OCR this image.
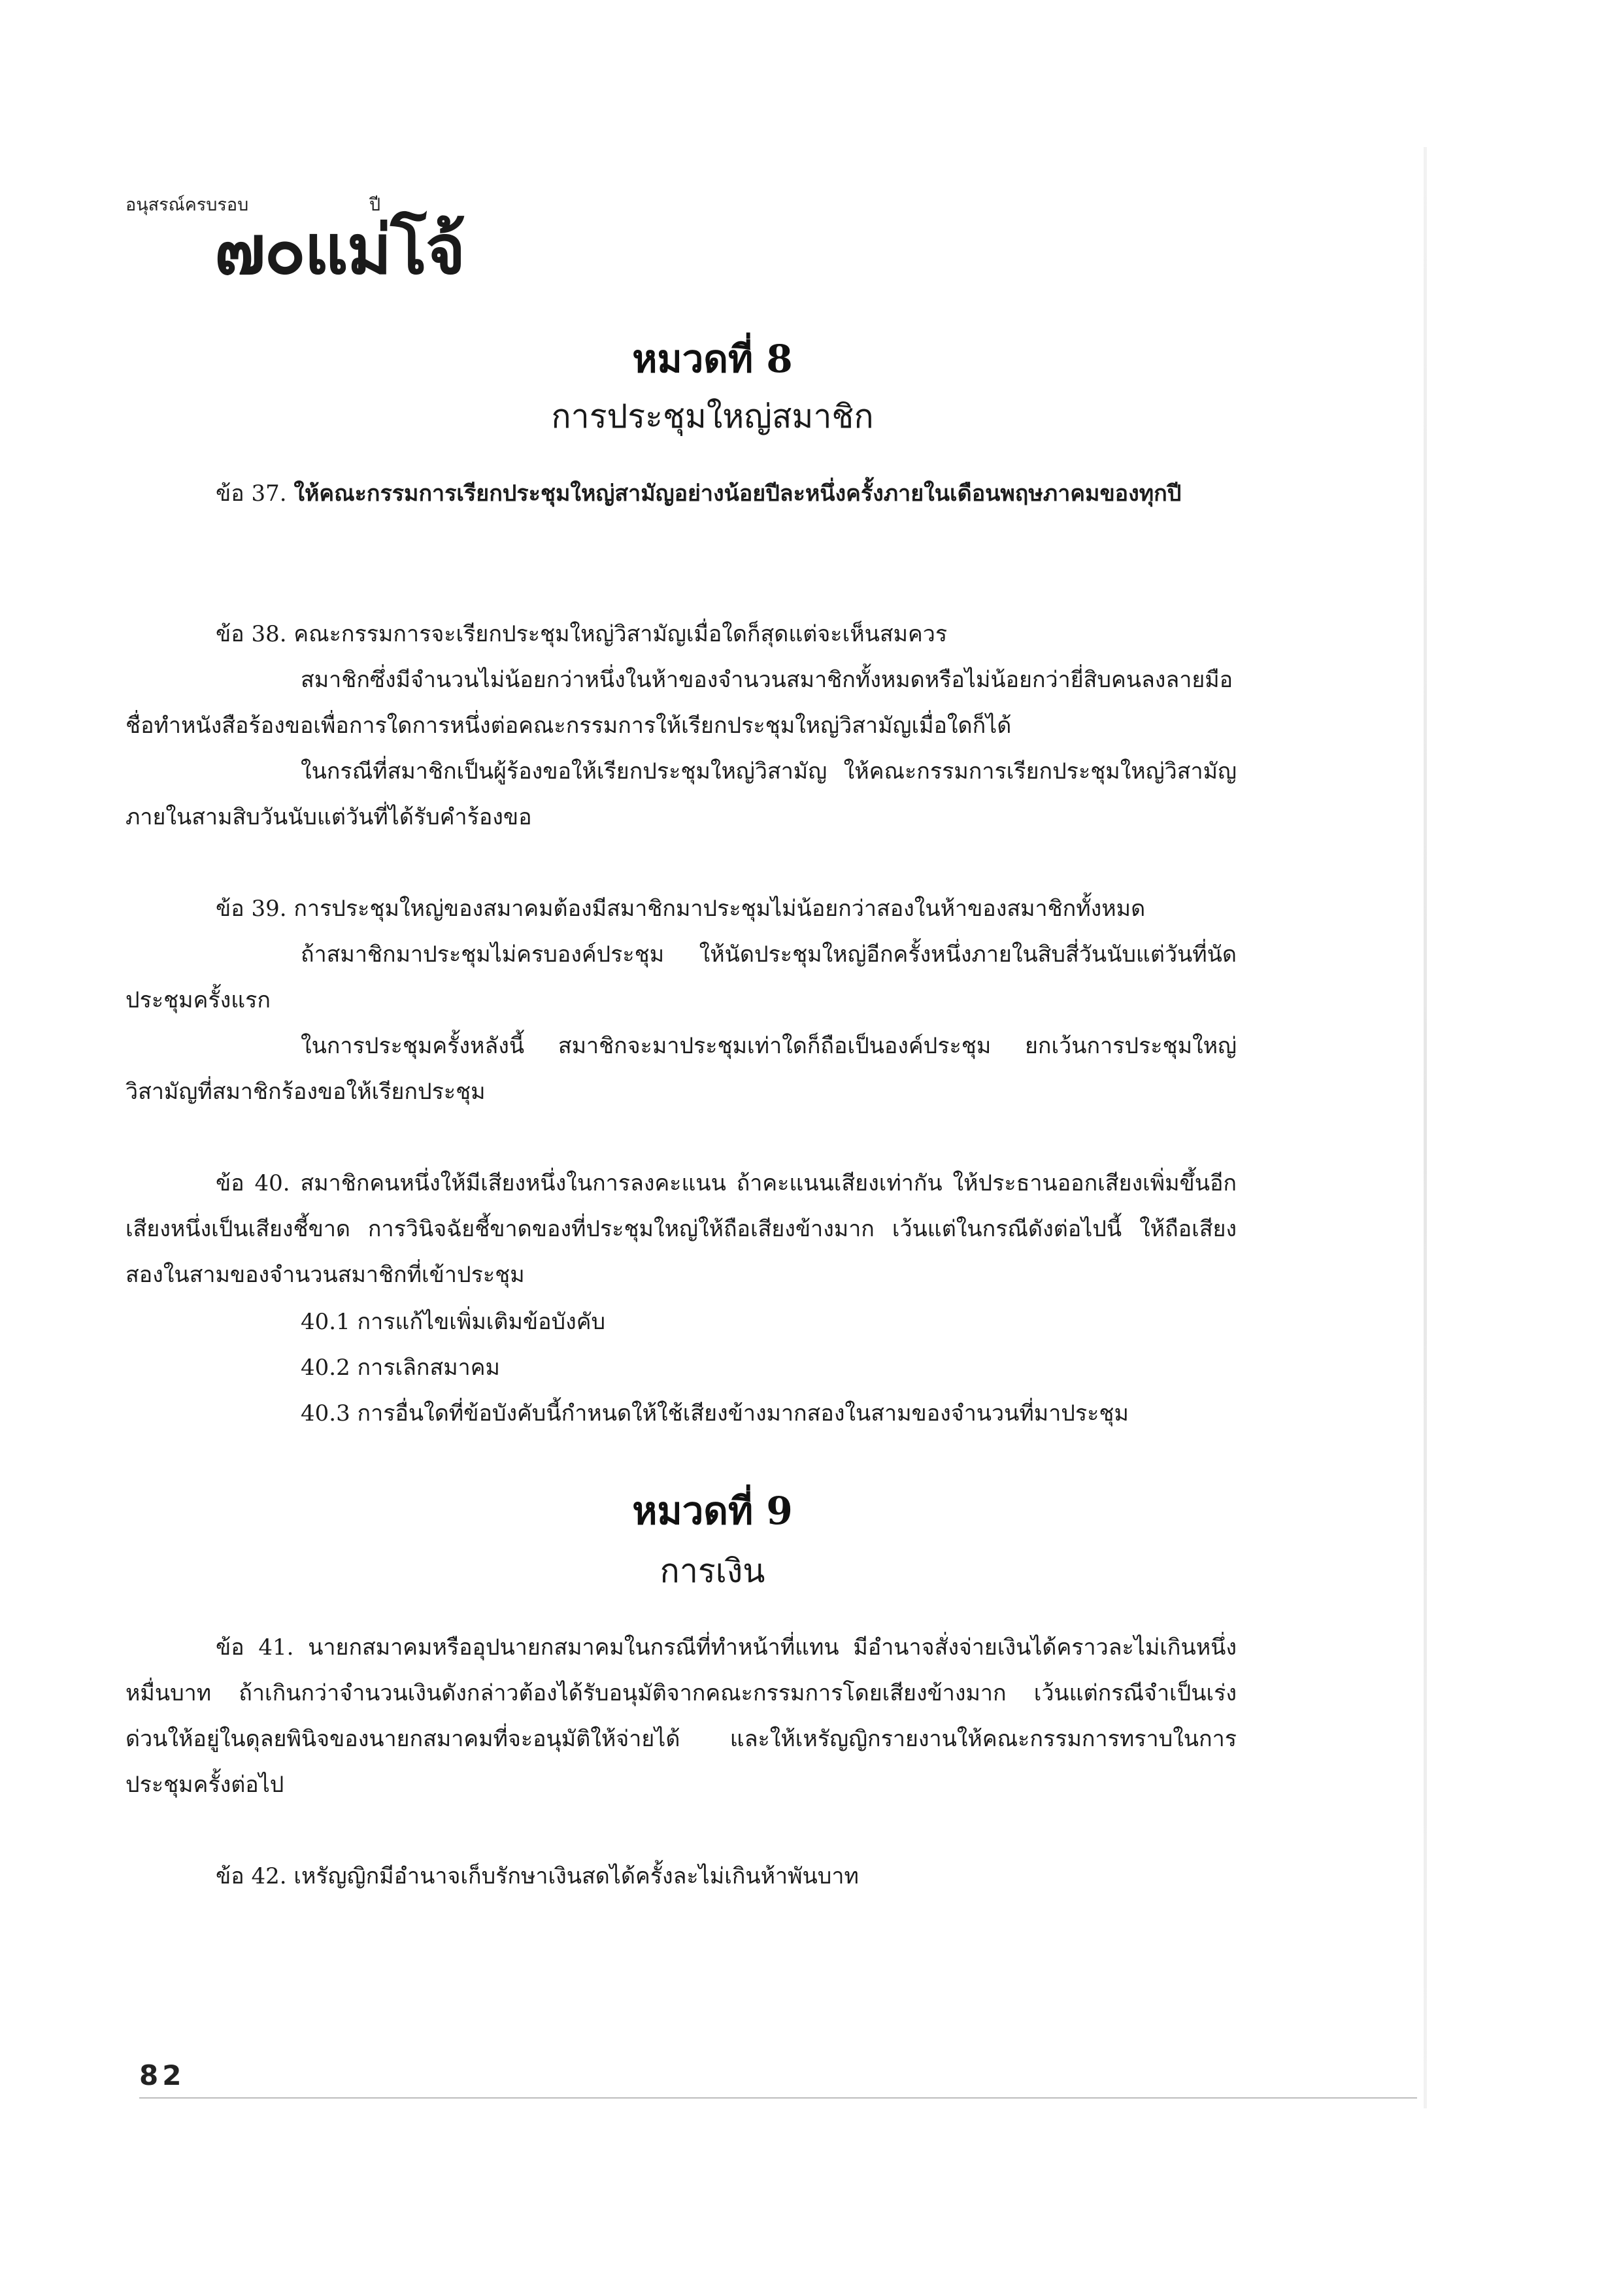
อนุสรณ์ครบรอบ	ปี
๗๐แม่โจ้
หมวดที่ 8
การประชุมใหญ่สมาชิก
ข้อ 37. ให้คณะกรรมการเรียกประชุมใหญ่สามัญอย่างน้อยปีละหนึ่งครั้งภายในเดือนพฤษภาคมของทุกปี
ข้อ 38. คณะกรรมการจะเรียกประชุมใหญ่วิสามัญเมื่อใดก็สุดแต่จะเห็นสมควร
สมาชิกซึ่งมีจำนวนไม่น้อยกว่าหนึ่งในห้าของจำนวนสมาชิกทั้งหมดหรือไม่น้อยกว่ายี่สิบคนลงลายมือชื่อทำหนังสือร้องขอเพื่อการใดการหนึ่งต่อคณะกรรมการให้เรียกประชุมใหญ่วิสามัญเมื่อใดก็ได้
ในกรณีที่สมาชิกเป็นผู้ร้องขอให้เรียกประชุมใหญ่วิสามัญ ให้คณะกรรมการเรียกประชุมใหญ่วิสามัญภายในสามสิบวันนับแต่วันที่ได้รับคำร้องขอ
ข้อ 39. การประชุมใหญ่ของสมาคมต้องมีสมาชิกมาประชุมไม่น้อยกว่าสองในห้าของสมาชิกทั้งหมด
ถ้าสมาชิกมาประชุมไม่ครบองค์ประชุม ให้นัดประชุมใหญ่อีกครั้งหนึ่งภายในสิบสี่วันนับแต่วันที่นัดประชุมครั้งแรก
ในการประชุมครั้งหลังนี้ สมาชิกจะมาประชุมเท่าใดก็ถือเป็นองค์ประชุม ยกเว้นการประชุมใหญ่วิสามัญที่สมาชิกร้องขอให้เรียกประชุม
ข้อ 40. สมาชิกคนหนึ่งให้มีเสียงหนึ่งในการลงคะแนน ถ้าคะแนนเสียงเท่ากัน ให้ประธานออกเสียงเพิ่มขึ้นอีกเสียงหนึ่งเป็นเสียงชี้ขาด การวินิจฉัยชี้ขาดของที่ประชุมใหญ่ให้ถือเสียงข้างมาก เว้นแต่ในกรณีดังต่อไปนี้ ให้ถือเสียงสองในสามของจำนวนสมาชิกที่เข้าประชุม
40.1 การแก้ไขเพิ่มเติมข้อบังคับ
40.2 การเลิกสมาคม
40.3 การอื่นใดที่ข้อบังคับนี้กำหนดให้ใช้เสียงข้างมากสองในสามของจำนวนที่มาประชุม
หมวดที่ 9
การเงิน
ข้อ 41. นายกสมาคมหรืออุปนายกสมาคมในกรณีที่ทำหน้าที่แทน มีอำนาจสั่งจ่ายเงินได้คราวละไม่เกินหนึ่งหมื่นบาท ถ้าเกินกว่าจำนวนเงินดังกล่าวต้องได้รับอนุมัติจากคณะกรรมการโดยเสียงข้างมาก เว้นแต่กรณีจำเป็นเร่งด่วนให้อยู่ในดุลยพินิจของนายกสมาคมที่จะอนุมัติให้จ่ายได้ และให้เหรัญญิกรายงานให้คณะกรรมการทราบในการประชุมครั้งต่อไป
ข้อ 42. เหรัญญิกมีอำนาจเก็บรักษาเงินสดได้ครั้งละไม่เกินห้าพันบาท
82
